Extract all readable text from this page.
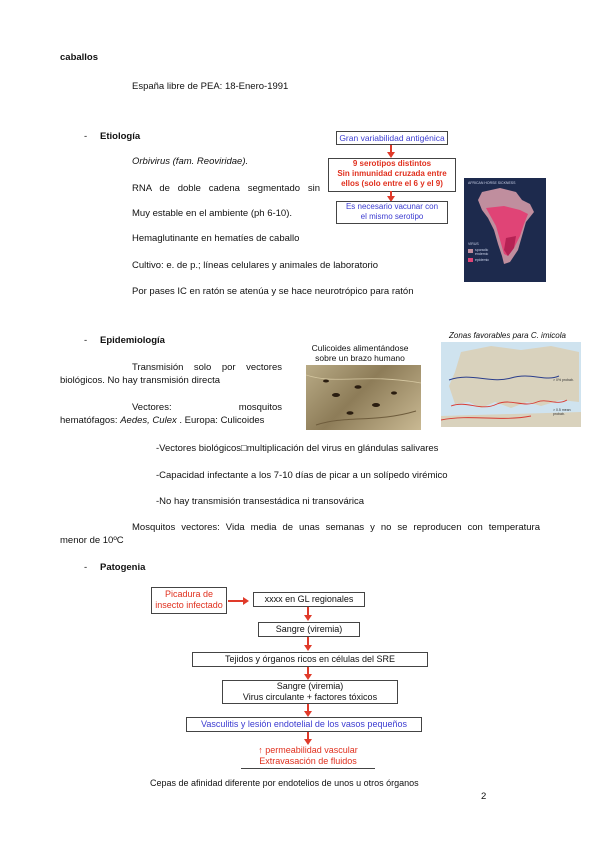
caballos
España libre de PEA: 18-Enero-1991
- Etiología
Orbivirus (fam. Reoviridae).
RNA de doble cadena segmentado sin
Muy estable en el ambiente (ph 6-10).
Hemaglutinante en hematíes de caballo
Cultivo: e. de p.; líneas celulares y animales de laboratorio
Por pases IC en ratón se atenúa y se hace neurotrópico para ratón
Gran variabilidad antigénica
9 serotipos distintos
Sin inmunidad cruzada entre
ellos (solo entre el 6 y el 9)
Es necesario vacunar con
el mismo serotipo
AFRICAN HORSE SICKNESS
VIRUS
sporadic
endemic
epidemic
- Epidemiología
Transmisión solo por vectores
biológicos. No hay transmisión directa
Vectores: mosquitos
hematófagos: Aedes, Culex . Europa: Culicoides
Culicoides alimentándose
sobre un brazo humano
Zonas favorables para C. imicola
> 0% probab.
> 0.5 mean probab.
-Vectores biológicos□multiplicación del virus en glándulas salivares
-Capacidad infectante a los 7-10 días de picar a un solípedo virémico
-No hay transmisión transestádica ni transovárica
Mosquitos vectores: Vida media de unas semanas y no se reproducen con temperatura
menor de 10ºC
- Patogenia
Picadura de
insecto infectado
xxxx en GL regionales
Sangre (viremia)
Tejidos y órganos ricos en células del SRE
Sangre (viremia)
Virus circulante + factores tóxicos
Vasculitis y lesión endotelial de los vasos pequeños
↑ permeabilidad vascular
Extravasación de fluidos
Cepas de afinidad diferente por endotelios de unos u otros órganos
2
